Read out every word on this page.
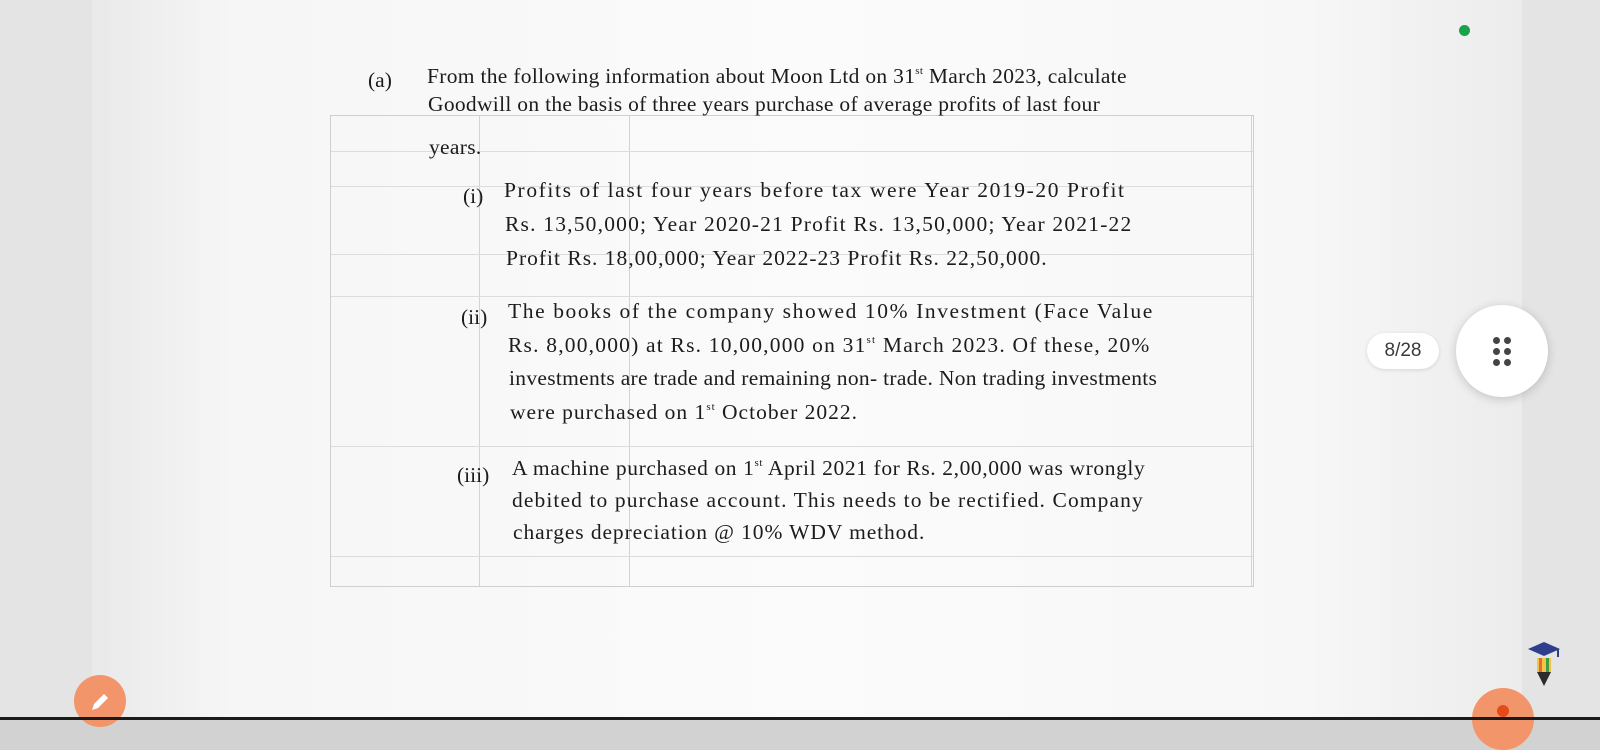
(a) From the following information about Moon Ltd on 31st March 2023, calculate
Goodwill on the basis of three years purchase of average profits of last four
years.
(i) Profits of last four years before tax were Year 2019-20 Profit
Rs. 13,50,000; Year 2020-21 Profit Rs. 13,50,000; Year 2021-22
Profit Rs. 18,00,000; Year 2022-23 Profit Rs. 22,50,000.
(ii) The books of the company showed 10% Investment (Face Value
Rs. 8,00,000) at Rs. 10,00,000 on 31st March 2023. Of these, 20%
investments are trade and remaining non- trade. Non trading investments
were purchased on 1st October 2022.
(iii) A machine purchased on 1st April 2021 for Rs. 2,00,000 was wrongly
debited to purchase account. This needs to be rectified. Company
charges depreciation @ 10% WDV method.
8/28
